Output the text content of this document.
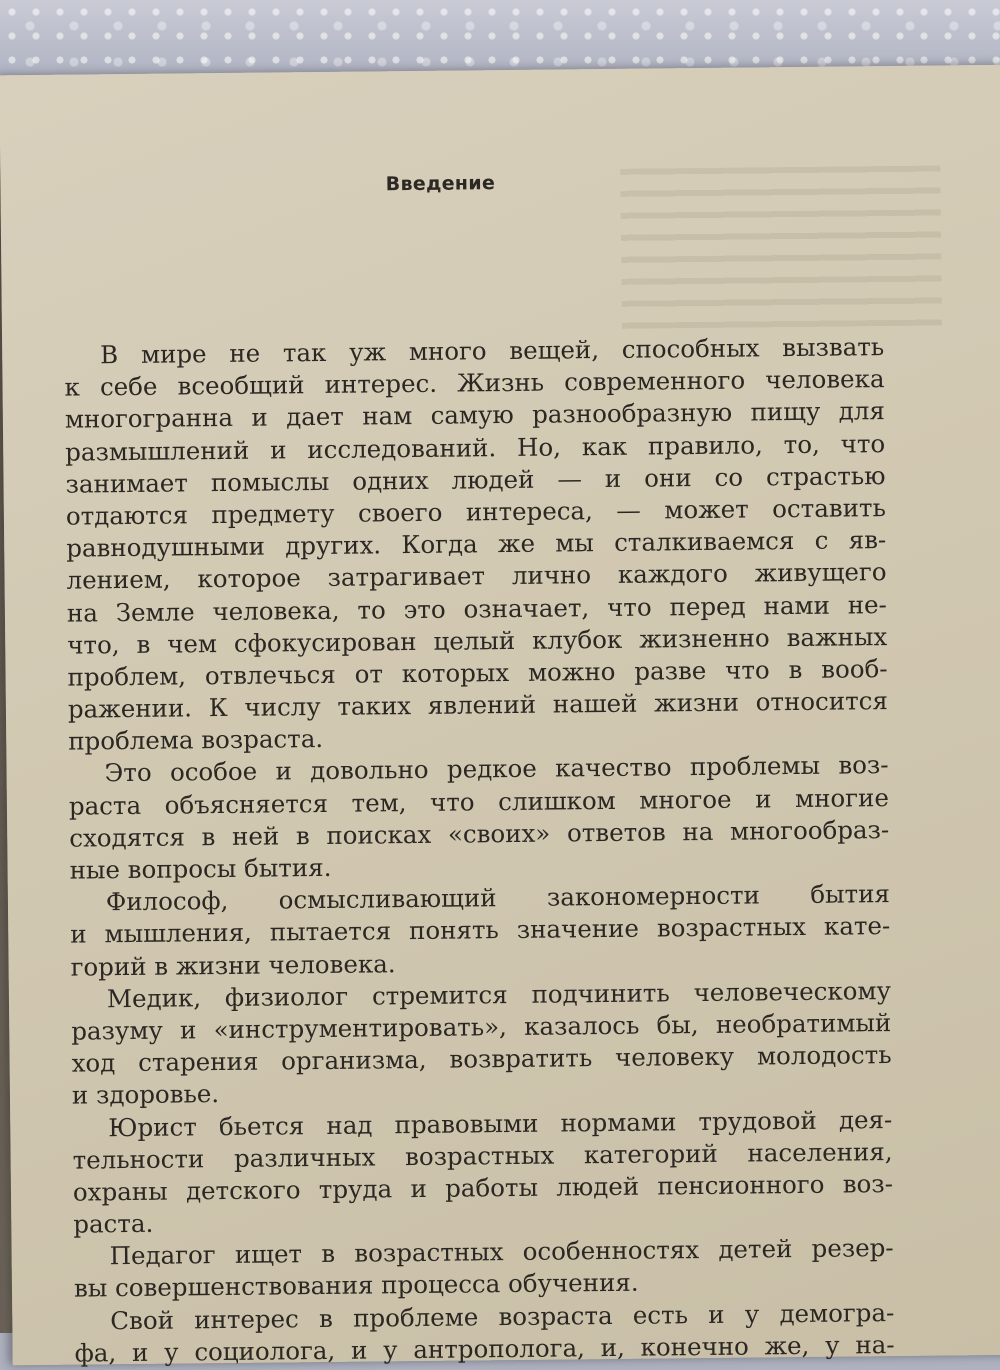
Введение
В мире не так уж много вещей, способных вызвать
к себе всеобщий интерес. Жизнь современного человека
многогранна и дает нам самую разнообразную пищу для
размышлений и исследований. Но, как правило, то, что
занимает помыслы одних людей — и они со страстью
отдаются предмету своего интереса, — может оставить
равнодушными других. Когда же мы сталкиваемся с яв-
лением, которое затрагивает лично каждого живущего
на Земле человека, то это означает, что перед нами не-
что, в чем сфокусирован целый клубок жизненно важных
проблем, отвлечься от которых можно разве что в вооб-
ражении. К числу таких явлений нашей жизни относится
проблема возраста.
Это особое и довольно редкое качество проблемы воз-
раста объясняется тем, что слишком многое и многие
сходятся в ней в поисках «своих» ответов на многообраз-
ные вопросы бытия.
Философ, осмысливающий закономерности бытия
и мышления, пытается понять значение возрастных кате-
горий в жизни человека.
Медик, физиолог стремится подчинить человеческому
разуму и «инструментировать», казалось бы, необратимый
ход старения организма, возвратить человеку молодость
и здоровье.
Юрист бьется над правовыми нормами трудовой дея-
тельности различных возрастных категорий населения,
охраны детского труда и работы людей пенсионного воз-
раста.
Педагог ищет в возрастных особенностях детей резер-
вы совершенствования процесса обучения.
Свой интерес в проблеме возраста есть и у демогра-
фа, и у социолога, и у антрополога, и, конечно же, у на-
